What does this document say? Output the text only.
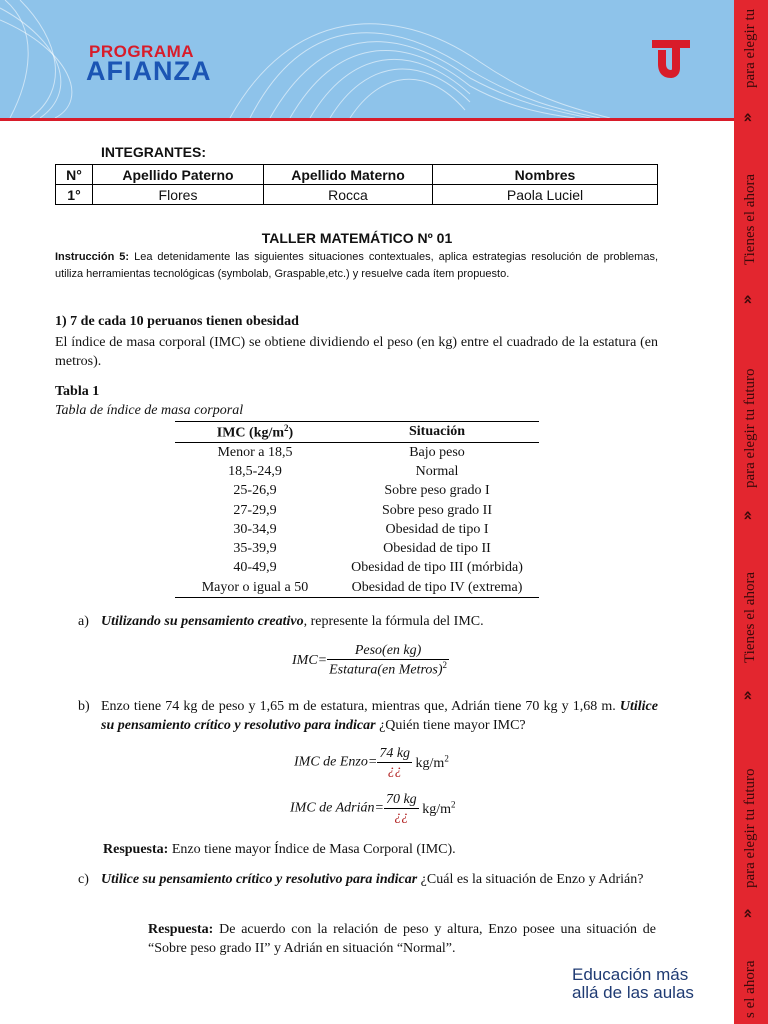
PROGRAMA
AFIANZA	para elegir tu
Tienes el ahora
para elegir tu futuro
Tienes el ahora
para elegir tu futuro
s el ahora
»
»
»
»
»
INTEGRANTES:
N°	Apellido Paterno	Apellido Materno	Nombres
1°	Flores	Rocca	Paola Luciel
TALLER MATEMÁTICO Nº 01
Instrucción 5: Lea detenidamente las siguientes situaciones contextuales, aplica estrategias resolución de problemas, utiliza herramientas tecnológicas (symbolab, Graspable,etc.) y resuelve cada ítem propuesto.
1) 7 de cada 10 peruanos tienen obesidad
El índice de masa corporal (IMC) se obtiene dividiendo el peso (en kg) entre el cuadrado de la estatura (en metros).
Tabla 1
Tabla de índice de masa corporal
IMC $(kg/m^2)$	Situación
Menor a 18,5	Bajo peso
18,5-24,9	Normal
25-26,9	Sobre peso grado I
27-29,9	Sobre peso grado II
30-34,9	Obesidad de tipo I
35-39,9	Obesidad de tipo II
40-49,9	Obesidad de tipo III (mórbida)
Mayor o igual a 50	Obesidad de tipo IV (extrema)
a) Utilizando su pensamiento creativo, represente la fórmula del IMC.
$IMC= \frac{\text{Peso(en kg)}}{Estatura(en Metros)^2}$
b) Enzo tiene 74 kg de peso y 1,65 m de estatura, mientras que, Adrián tiene 70 kg y 1,68 m. Utilice su pensamiento crítico y resolutivo para indicar ¿Quién tiene mayor IMC?
IMC de Enzo= $\frac{74 kg}{¿¿} kg/m^2$
IMC de Adrián= $\frac{70 kg}{¿¿} kg/m^2$
Respuesta: Enzo tiene mayor Índice de Masa Corporal (IMC).
c) Utilice su pensamiento crítico y resolutivo para indicar ¿Cuál es la situación de Enzo y Adrián?
Respuesta: De acuerdo con la relación de peso y altura, Enzo posee una situación de “Sobre peso grado II” y Adrián en situación “Normal”.
Educación más
allá de las aulas
